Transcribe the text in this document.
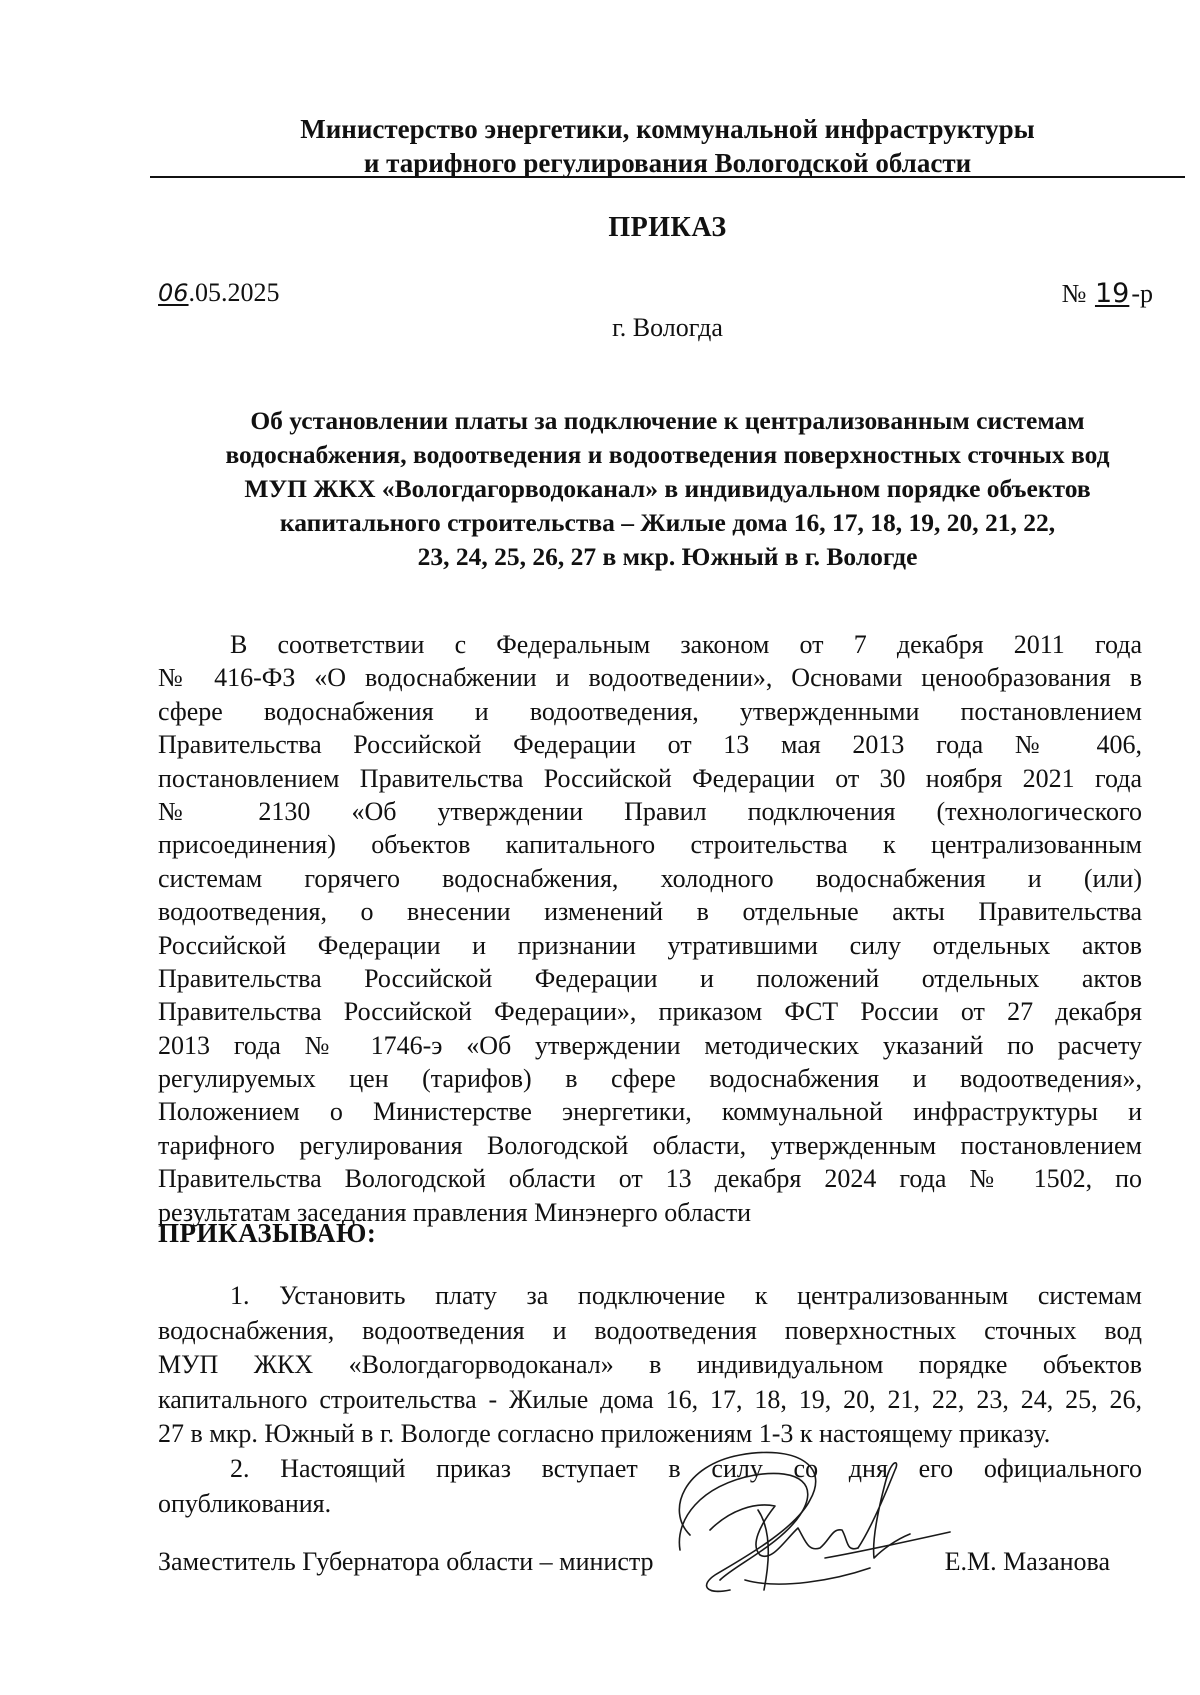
Министерство энергетики, коммунальной инфраструктуры
и тарифного регулирования Вологодской области
ПРИКАЗ
06.05.2025	№ 19-р
г. Вологда
Об установлении платы за подключение к централизованным системам
водоснабжения, водоотведения и водоотведения поверхностных сточных вод
МУП ЖКХ «Вологдагорводоканал» в индивидуальном порядке объектов
капитального строительства – Жилые дома 16, 17, 18, 19, 20, 21, 22,
23, 24, 25, 26, 27 в мкр. Южный в г. Вологде
В соответствии с Федеральным законом от 7 декабря 2011 года
№ 416-ФЗ «О водоснабжении и водоотведении», Основами ценообразования в
сфере водоснабжения и водоотведения, утвержденными постановлением
Правительства Российской Федерации от 13 мая 2013 года № 406,
постановлением Правительства Российской Федерации от 30 ноября 2021 года
№ 2130 «Об утверждении Правил подключения (технологического
присоединения) объектов капитального строительства к централизованным
системам горячего водоснабжения, холодного водоснабжения и (или)
водоотведения, о внесении изменений в отдельные акты Правительства
Российской Федерации и признании утратившими силу отдельных актов
Правительства Российской Федерации и положений отдельных актов
Правительства Российской Федерации», приказом ФСТ России от 27 декабря
2013 года № 1746-э «Об утверждении методических указаний по расчету
регулируемых цен (тарифов) в сфере водоснабжения и водоотведения»,
Положением о Министерстве энергетики, коммунальной инфраструктуры и
тарифного регулирования Вологодской области, утвержденным постановлением
Правительства Вологодской области от 13 декабря 2024 года № 1502, по
результатам заседания правления Минэнерго области
ПРИКАЗЫВАЮ:
1. Установить плату за подключение к централизованным системам
водоснабжения, водоотведения и водоотведения поверхностных сточных вод
МУП ЖКХ «Вологдагорводоканал» в индивидуальном порядке объектов
капитального строительства - Жилые дома 16, 17, 18, 19, 20, 21, 22, 23, 24, 25, 26,
27 в мкр. Южный в г. Вологде согласно приложениям 1-3 к настоящему приказу.
2. Настоящий приказ вступает в силу со дня его официального
опубликования.
Заместитель Губернатора области – министр	Е.М. Мазанова
